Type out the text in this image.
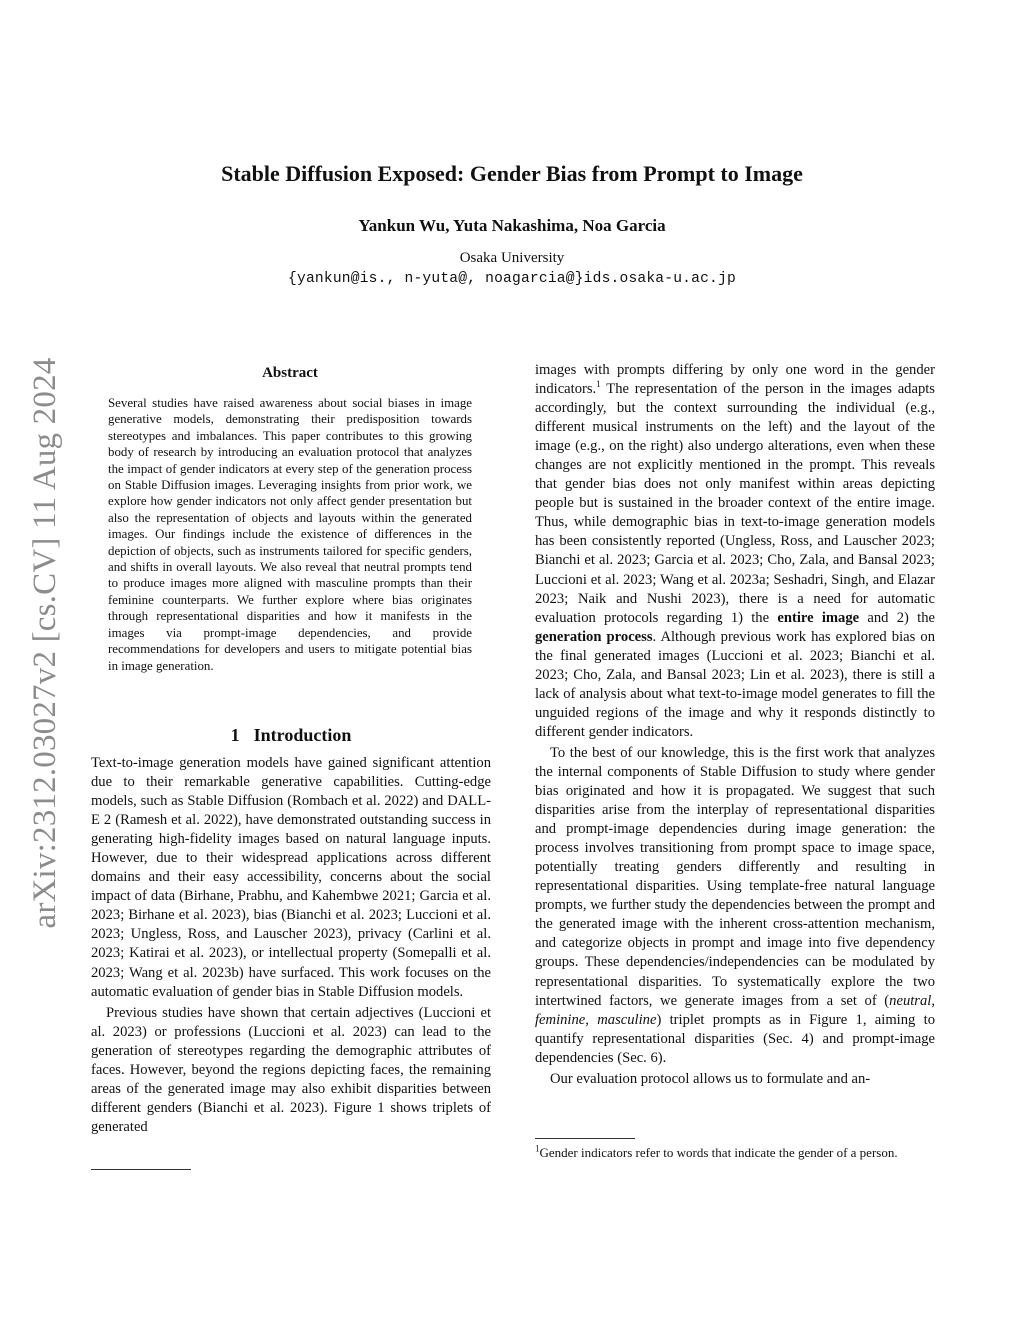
Stable Diffusion Exposed: Gender Bias from Prompt to Image
Yankun Wu, Yuta Nakashima, Noa Garcia
Osaka University
{yankun@is., n-yuta@, noagarcia@}ids.osaka-u.ac.jp
arXiv:2312.03027v2 [cs.CV] 11 Aug 2024	Abstract
Several studies have raised awareness about social biases in image generative models, demonstrating their predisposition towards stereotypes and imbalances. This paper contributes to this growing body of research by introducing an evaluation protocol that analyzes the impact of gender indicators at every step of the generation process on Stable Diffusion images. Leveraging insights from prior work, we explore how gender indicators not only affect gender presentation but also the representation of objects and layouts within the generated images. Our findings include the existence of differences in the depiction of objects, such as instruments tailored for specific genders, and shifts in overall layouts. We also reveal that neutral prompts tend to produce images more aligned with masculine prompts than their feminine counterparts. We further explore where bias originates through representational disparities and how it manifests in the images via prompt-image dependencies, and provide recommendations for developers and users to mitigate potential bias in image generation.
1 Introduction

Text-to-image generation models have gained significant attention due to their remarkable generative capabilities. Cutting-edge models, such as Stable Diffusion (Rombach et al. 2022) and DALL-E 2 (Ramesh et al. 2022), have demonstrated outstanding success in generating high-fidelity images based on natural language inputs. However, due to their widespread applications across different domains and their easy accessibility, concerns about the social impact of data (Birhane, Prabhu, and Kahembwe 2021; Garcia et al. 2023; Birhane et al. 2023), bias (Bianchi et al. 2023; Luccioni et al. 2023; Ungless, Ross, and Lauscher 2023), privacy (Carlini et al. 2023; Katirai et al. 2023), or intellectual property (Somepalli et al. 2023; Wang et al. 2023b) have surfaced. This work focuses on the automatic evaluation of gender bias in Stable Diffusion models.

Previous studies have shown that certain adjectives (Luccioni et al. 2023) or professions (Luccioni et al. 2023) can lead to the generation of stereotypes regarding the demographic attributes of faces. However, beyond the regions depicting faces, the remaining areas of the generated image may also exhibit disparities between different genders (Bianchi et al. 2023). Figure 1 shows triplets of generated

images with prompts differing by only one word in the gender indicators.$^1$ The representation of the person in the images adapts accordingly, but the context surrounding the individual (e.g., different musical instruments on the left) and the layout of the image (e.g., on the right) also undergo alterations, even when these changes are not explicitly mentioned in the prompt. This reveals that gender bias does not only manifest within areas depicting people but is sustained in the broader context of the entire image. Thus, while demographic bias in text-to-image generation models has been consistently reported (Ungless, Ross, and Lauscher 2023; Bianchi et al. 2023; Garcia et al. 2023; Cho, Zala, and Bansal 2023; Luccioni et al. 2023; Wang et al. 2023a; Seshadri, Singh, and Elazar 2023; Naik and Nushi 2023), there is a need for automatic evaluation protocols regarding 1) the entire image and 2) the generation process. Although previous work has explored bias on the final generated images (Luccioni et al. 2023; Bianchi et al. 2023; Cho, Zala, and Bansal 2023; Lin et al. 2023), there is still a lack of analysis about what text-to-image model generates to fill the unguided regions of the image and why it responds distinctly to different gender indicators.

To the best of our knowledge, this is the first work that analyzes the internal components of Stable Diffusion to study where gender bias originated and how it is propagated. We suggest that such disparities arise from the interplay of representational disparities and prompt-image dependencies during image generation: the process involves transitioning from prompt space to image space, potentially treating genders differently and resulting in representational disparities. Using template-free natural language prompts, we further study the dependencies between the prompt and the generated image with the inherent cross-attention mechanism, and categorize objects in prompt and image into five dependency groups. These dependencies/independencies can be modulated by representational disparities. To systematically explore the two intertwined factors, we generate images from a set of (neutral, feminine, masculine) triplet prompts as in Figure 1, aiming to quantify representational disparities (Sec. 4) and prompt-image dependencies (Sec. 6).

Our evaluation protocol allows us to formulate and an-

$^1$Gender indicators refer to words that indicate the gender of a person.
